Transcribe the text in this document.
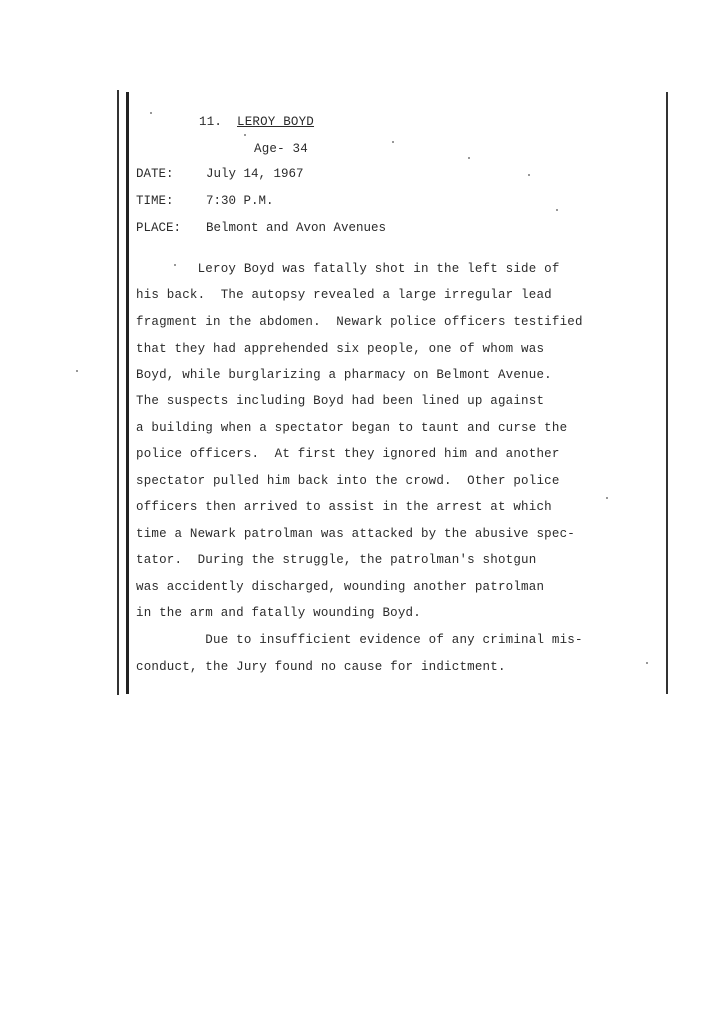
11. LEROY BOYD
Age- 34
DATE:	July 14, 1967
TIME:	7:30 P.M.
PLACE: Belmont and Avon Avenues
Leroy Boyd was fatally shot in the left side of
his back.  The autopsy revealed a large irregular lead
fragment in the abdomen.  Newark police officers testified
that they had apprehended six people, one of whom was
Boyd, while burglarizing a pharmacy on Belmont Avenue.
The suspects including Boyd had been lined up against
a building when a spectator began to taunt and curse the
police officers.  At first they ignored him and another
spectator pulled him back into the crowd.  Other police
officers then arrived to assist in the arrest at which
time a Newark patrolman was attacked by the abusive spec-
tator.  During the struggle, the patrolman's shotgun
was accidently discharged, wounding another patrolman
in the arm and fatally wounding Boyd.
Due to insufficient evidence of any criminal mis-
conduct, the Jury found no cause for indictment.
